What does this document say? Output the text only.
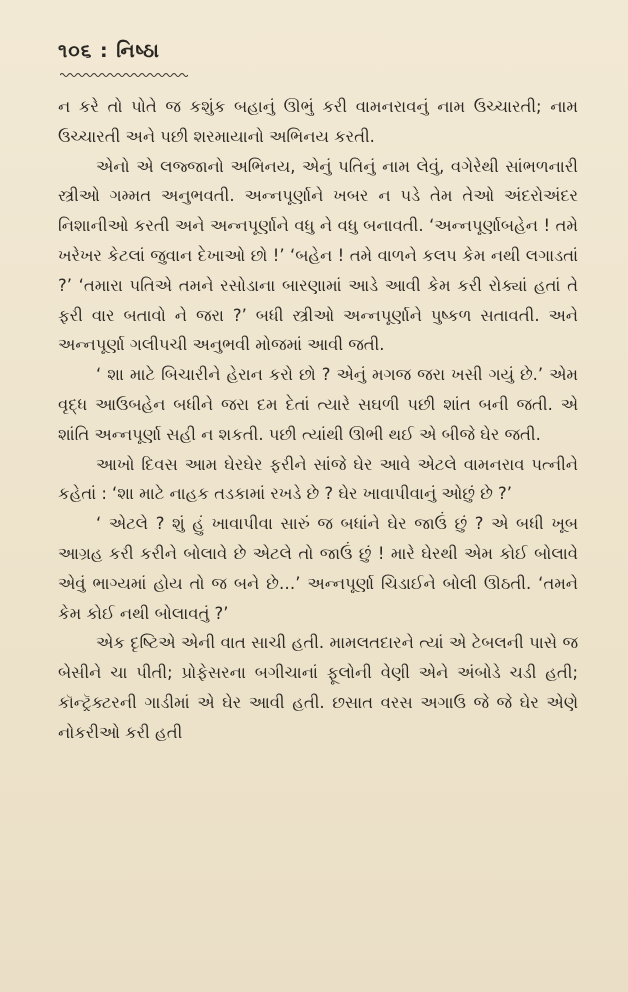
૧૦૬ : નિષ્ઠા

ન કરે તો પોતે જ કશુંક બહાનું ઊભું કરી વામનરાવનું નામ ઉચ્ચારતી; નામ ઉચ્ચારતી અને પછી શરમાયાનો અભિનય કરતી.

એનો એ લજ્જાનો અભિનય, એનું પતિનું નામ લેવું, વગેરેથી સાંભળનારી સ્ત્રીઓ ગમ્મત અનુભવતી. અન્નપૂર્ણાને ખબર ન પડે તેમ તેઓ અંદરોઅંદર નિશાનીઓ કરતી અને અન્નપૂર્ણાને વધુ ને વધુ બનાવતી. ‘અન્નપૂર્ણાબહેન ! તમે ખરેખર કેટલાં જુવાન દેખાઓ છો !’ ‘બહેન ! તમે વાળને કલપ કેમ નથી લગાડતાં ?’ ‘તમારા પતિએ તમને રસોડાના બારણામાં આડે આવી કેમ કરી રોક્યાં હતાં તે ફરી વાર બતાવો ને જરા ?’ બધી સ્ત્રીઓ અન્નપૂર્ણાને પુષ્કળ સતાવતી. અને અન્નપૂર્ણા ગલીપચી અનુભવી મોજમાં આવી જતી.

‘ શા માટે બિચારીને હેરાન કરો છો ? એનું મગજ જરા ખસી ગયું છે.’ એમ વૃદ્ધ આઉબહેન બધીને જરા દમ દેતાં ત્યારે સઘળી પછી શાંત બની જતી. એ શાંતિ અન્નપૂર્ણા સહી ન શકતી. પછી ત્યાંથી ઊભી થઈ એ બીજે ઘેર જતી.

આખો દિવસ આમ ઘેરઘેર ફરીને સાંજે ઘેર આવે એટલે વામનરાવ પત્નીને કહેતાં : ‘શા માટે નાહક તડકામાં રખડે છે ? ઘેર ખાવાપીવાનું ઓછું છે ?’

‘ એટલે ? શું હું ખાવાપીવા સારું જ બધાંને ઘેર જાઉં છું ? એ બધી ખૂબ આગ્રહ કરી કરીને બોલાવે છે એટલે તો જાઉં છું ! મારે ઘેરથી એમ કોઈ બોલાવે એવું ભાગ્યમાં હોય તો જ બને છે…’ અન્નપૂર્ણા ચિડાઈને બોલી ઊઠતી. ‘તમને કેમ કોઈ નથી બોલાવતું ?’

એક દૃષ્ટિએ એની વાત સાચી હતી. મામલતદારને ત્યાં એ ટેબલની પાસે જ બેસીને ચા પીતી; પ્રોફેસરના બગીચાનાં ફૂલોની વેણી એને અંબોડે ચડી હતી; કૉન્ટ્રૅક્ટરની ગાડીમાં એ ઘેર આવી હતી. છસાત વરસ અગાઉ જે જે ઘેર એણે નોકરીઓ કરી હતી
